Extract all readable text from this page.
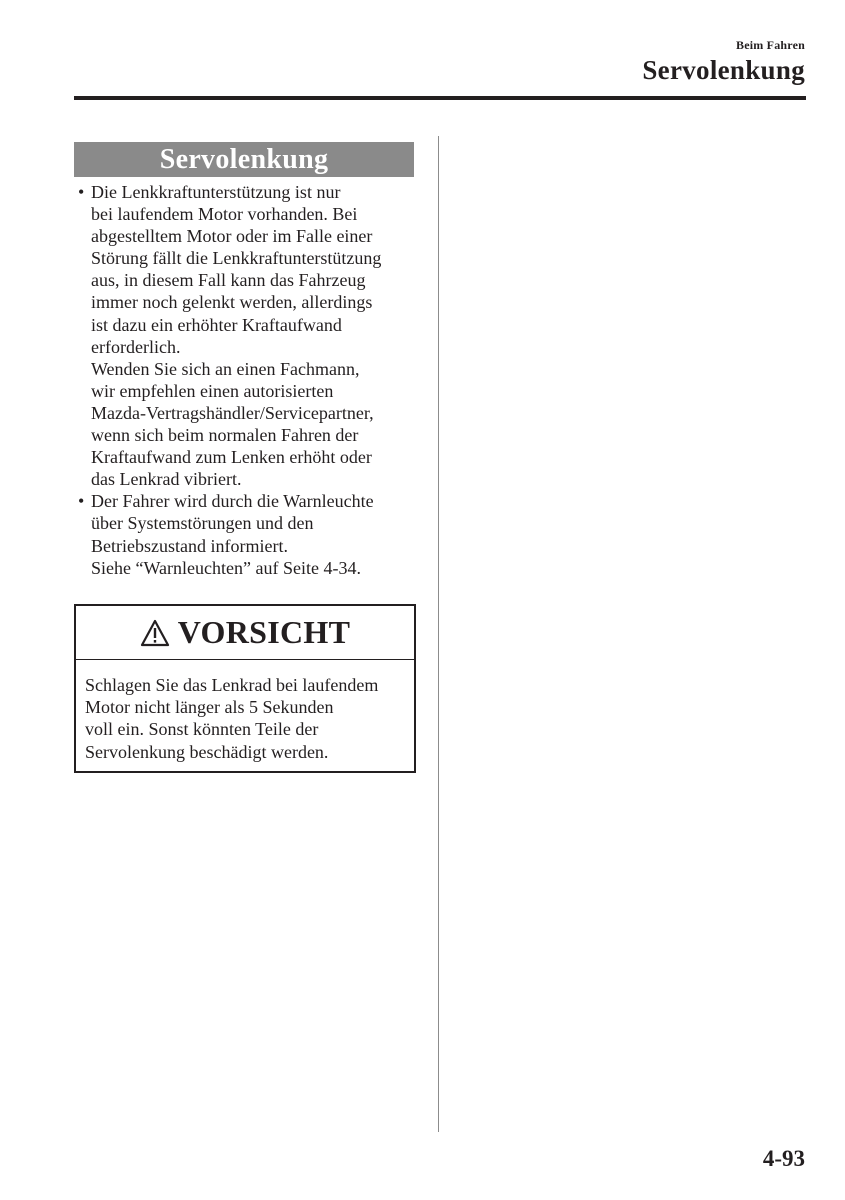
Beim Fahren
Servolenkung
Servolenkung
• Die Lenkkraftunterstützung ist nur
bei laufendem Motor vorhanden. Bei
abgestelltem Motor oder im Falle einer
Störung fällt die Lenkkraftunterstützung
aus, in diesem Fall kann das Fahrzeug
immer noch gelenkt werden, allerdings
ist dazu ein erhöhter Kraftaufwand
erforderlich.
Wenden Sie sich an einen Fachmann,
wir empfehlen einen autorisierten
Mazda-Vertragshändler/Servicepartner,
wenn sich beim normalen Fahren der
Kraftaufwand zum Lenken erhöht oder
das Lenkrad vibriert.
• Der Fahrer wird durch die Warnleuchte
über Systemstörungen und den
Betriebszustand informiert.
Siehe “Warnleuchten” auf Seite 4-34.
VORSICHT
Schlagen Sie das Lenkrad bei laufendem
Motor nicht länger als 5 Sekunden
voll ein. Sonst könnten Teile der
Servolenkung beschädigt werden.
4-93
